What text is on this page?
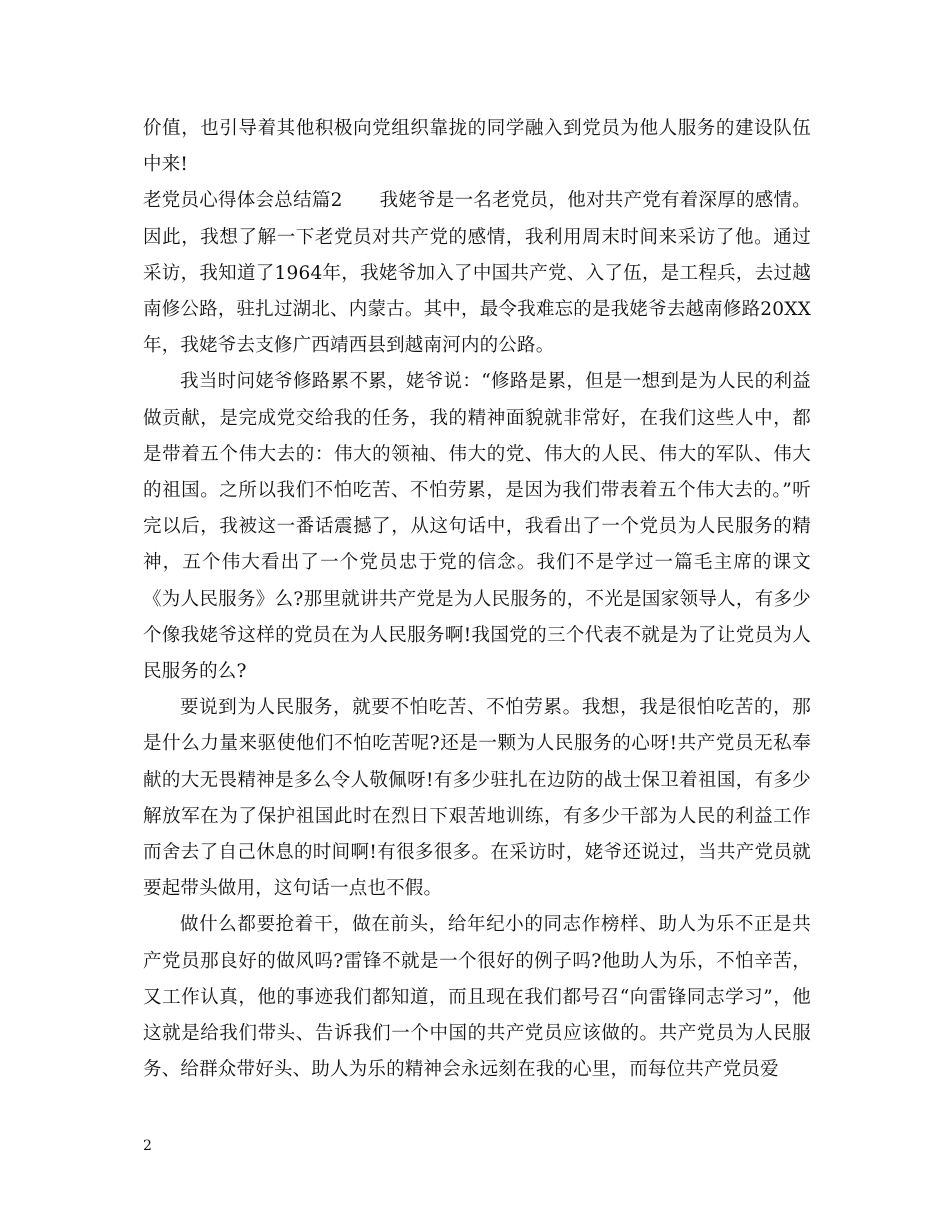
价值，也引导着其他积极向党组织靠拢的同学融入到党员为他人服务的建设队伍中来!

老党员心得体会总结篇2 我姥爷是一名老党员，他对共产党有着深厚的感情。因此，我想了解一下老党员对共产党的感情，我利用周末时间来采访了他。通过采访，我知道了1964年，我姥爷加入了中国共产党、入了伍，是工程兵，去过越南修公路，驻扎过湖北、内蒙古。其中，最令我难忘的是我姥爷去越南修路20XX年，我姥爷去支修广西靖西县到越南河内的公路。

我当时问姥爷修路累不累，姥爷说：“修路是累，但是一想到是为人民的利益做贡献，是完成党交给我的任务，我的精神面貌就非常好，在我们这些人中，都是带着五个伟大去的：伟大的领袖、伟大的党、伟大的人民、伟大的军队、伟大的祖国。之所以我们不怕吃苦、不怕劳累，是因为我们带表着五个伟大去的。”听完以后，我被这一番话震撼了，从这句话中，我看出了一个党员为人民服务的精神，五个伟大看出了一个党员忠于党的信念。我们不是学过一篇毛主席的课文《为人民服务》么?那里就讲共产党是为人民服务的，不光是国家领导人，有多少个像我姥爷这样的党员在为人民服务啊!我国党的三个代表不就是为了让党员为人民服务的么?

要说到为人民服务，就要不怕吃苦、不怕劳累。我想，我是很怕吃苦的，那是什么力量来驱使他们不怕吃苦呢?还是一颗为人民服务的心呀!共产党员无私奉献的大无畏精神是多么令人敬佩呀!有多少驻扎在边防的战士保卫着祖国，有多少解放军在为了保护祖国此时在烈日下艰苦地训练，有多少干部为人民的利益工作而舍去了自己休息的时间啊!有很多很多。在采访时，姥爷还说过，当共产党员就要起带头做用，这句话一点也不假。

做什么都要抢着干，做在前头，给年纪小的同志作榜样、助人为乐不正是共产党员那良好的做风吗?雷锋不就是一个很好的例子吗?他助人为乐，不怕辛苦，又工作认真，他的事迹我们都知道，而且现在我们都号召“向雷锋同志学习”，他这就是给我们带头、告诉我们一个中国的共产党员应该做的。共产党员为人民服务、给群众带好头、助人为乐的精神会永远刻在我的心里，而每位共产党员爱

2
